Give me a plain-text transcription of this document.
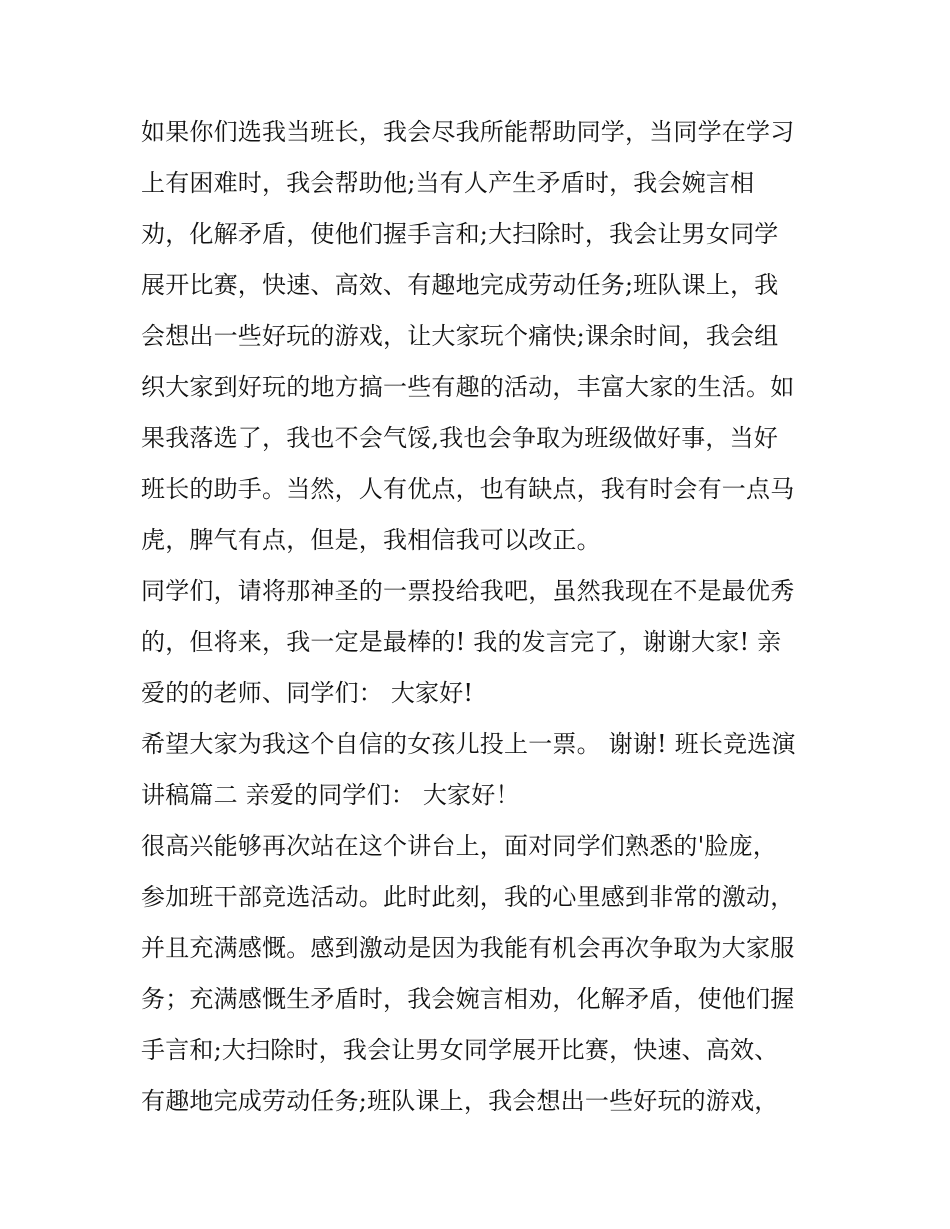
如果你们选我当班长，我会尽我所能帮助同学，当同学在学习
上有困难时，我会帮助他;当有人产生矛盾时，我会婉言相
劝，化解矛盾，使他们握手言和;大扫除时，我会让男女同学
展开比赛，快速、高效、有趣地完成劳动任务;班队课上，我
会想出一些好玩的游戏，让大家玩个痛快;课余时间，我会组
织大家到好玩的地方搞一些有趣的活动，丰富大家的生活。如
果我落选了，我也不会气馁,我也会争取为班级做好事，当好
班长的助手。当然，人有优点，也有缺点，我有时会有一点马
虎，脾气有点，但是，我相信我可以改正。
同学们，请将那神圣的一票投给我吧，虽然我现在不是最优秀
的，但将来，我一定是最棒的! 我的发言完了，谢谢大家! 亲
爱的的老师、同学们： 大家好!
希望大家为我这个自信的女孩儿投上一票。 谢谢! 班长竞选演
讲稿篇二 亲爱的同学们： 大家好！
很高兴能够再次站在这个讲台上，面对同学们熟悉的'脸庞，
参加班干部竞选活动。此时此刻，我的心里感到非常的激动，
并且充满感慨。感到激动是因为我能有机会再次争取为大家服
务；充满感慨生矛盾时，我会婉言相劝，化解矛盾，使他们握
手言和;大扫除时，我会让男女同学展开比赛，快速、高效、
有趣地完成劳动任务;班队课上，我会想出一些好玩的游戏，
